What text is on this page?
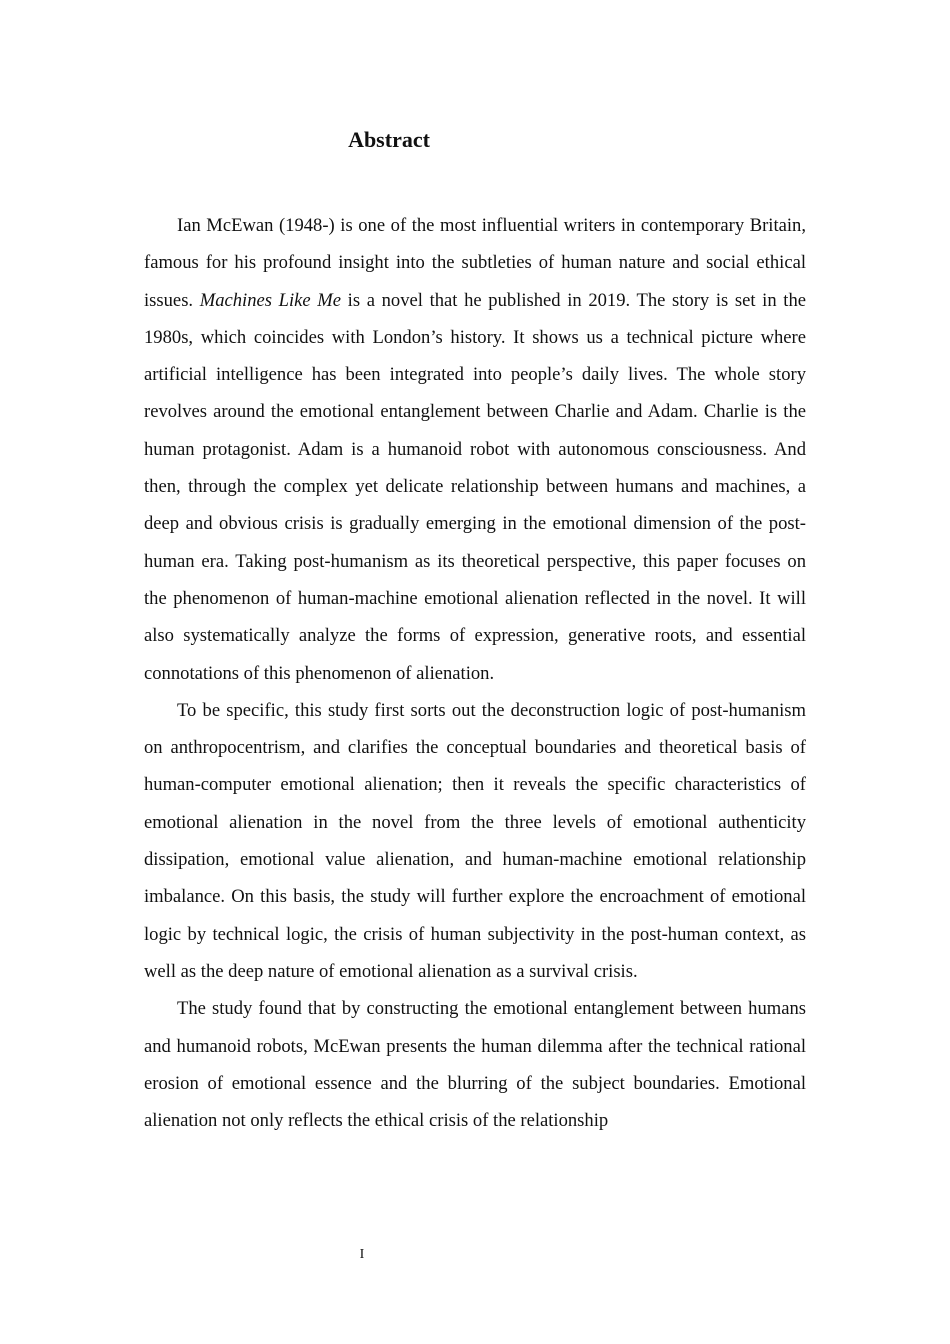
Abstract

Ian McEwan (1948-) is one of the most influential writers in contemporary Britain, famous for his profound insight into the subtleties of human nature and social ethical issues. Machines Like Me is a novel that he published in 2019. The story is set in the 1980s, which coincides with London’s history. It shows us a technical picture where artificial intelligence has been integrated into people’s daily lives. The whole story revolves around the emotional entanglement between Charlie and Adam. Charlie is the human protagonist. Adam is a humanoid robot with autonomous consciousness. And then, through the complex yet delicate relationship between humans and machines, a deep and obvious crisis is gradually emerging in the emotional dimension of the post-human era. Taking post-humanism as its theoretical perspective, this paper focuses on the phenomenon of human-machine emotional alienation reflected in the novel. It will also systematically analyze the forms of expression, generative roots, and essential connotations of this phenomenon of alienation.

To be specific, this study first sorts out the deconstruction logic of post-humanism on anthropocentrism, and clarifies the conceptual boundaries and theoretical basis of human-computer emotional alienation; then it reveals the specific characteristics of emotional alienation in the novel from the three levels of emotional authenticity dissipation, emotional value alienation, and human-machine emotional relationship imbalance. On this basis, the study will further explore the encroachment of emotional logic by technical logic, the crisis of human subjectivity in the post-human context, as well as the deep nature of emotional alienation as a survival crisis.

The study found that by constructing the emotional entanglement between humans and humanoid robots, McEwan presents the human dilemma after the technical rational erosion of emotional essence and the blurring of the subject boundaries. Emotional alienation not only reflects the ethical crisis of the relationship

I
